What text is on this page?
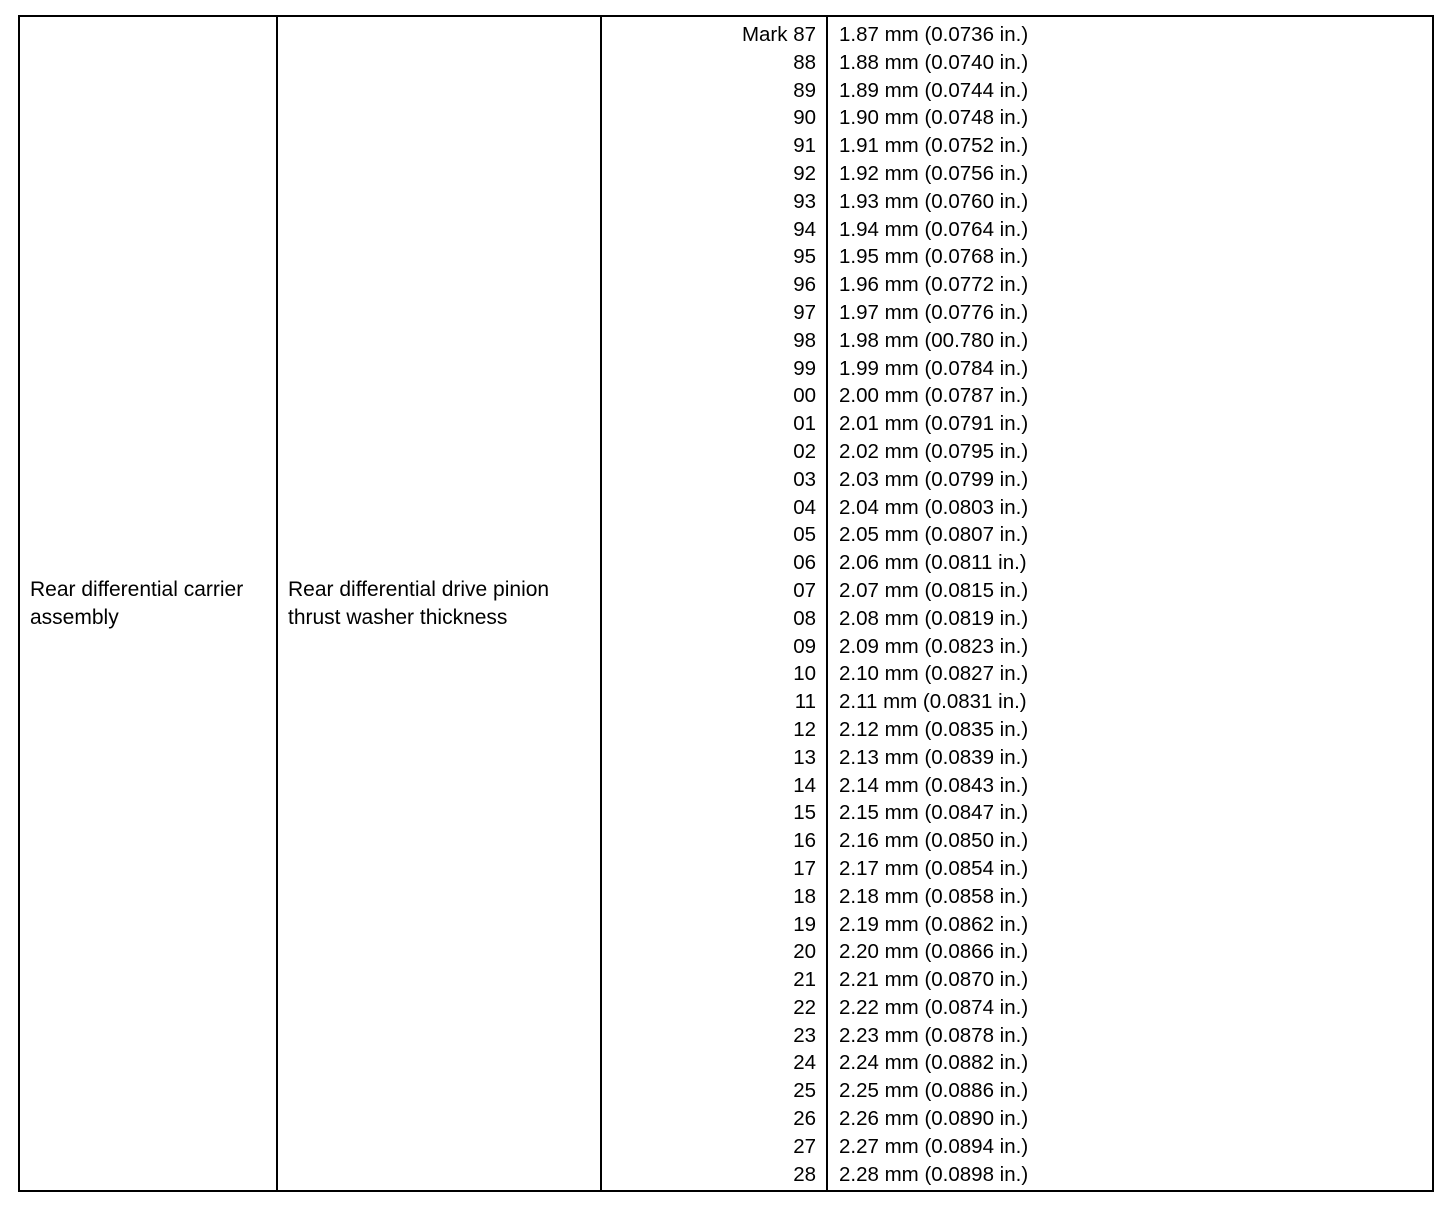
Rear differential carrier assembly
Rear differential drive pinion thrust washer thickness
Mark 87
88
89
90
91
92
93
94
95
96
97
98
99
00
01
02
03
04
05
06
07
08
09
10
11
12
13
14
15
16
17
18
19
20
21
22
23
24
25
26
27
28
1.87 mm (0.0736 in.)
1.88 mm (0.0740 in.)
1.89 mm (0.0744 in.)
1.90 mm (0.0748 in.)
1.91 mm (0.0752 in.)
1.92 mm (0.0756 in.)
1.93 mm (0.0760 in.)
1.94 mm (0.0764 in.)
1.95 mm (0.0768 in.)
1.96 mm (0.0772 in.)
1.97 mm (0.0776 in.)
1.98 mm (00.780 in.)
1.99 mm (0.0784 in.)
2.00 mm (0.0787 in.)
2.01 mm (0.0791 in.)
2.02 mm (0.0795 in.)
2.03 mm (0.0799 in.)
2.04 mm (0.0803 in.)
2.05 mm (0.0807 in.)
2.06 mm (0.0811 in.)
2.07 mm (0.0815 in.)
2.08 mm (0.0819 in.)
2.09 mm (0.0823 in.)
2.10 mm (0.0827 in.)
2.11 mm (0.0831 in.)
2.12 mm (0.0835 in.)
2.13 mm (0.0839 in.)
2.14 mm (0.0843 in.)
2.15 mm (0.0847 in.)
2.16 mm (0.0850 in.)
2.17 mm (0.0854 in.)
2.18 mm (0.0858 in.)
2.19 mm (0.0862 in.)
2.20 mm (0.0866 in.)
2.21 mm (0.0870 in.)
2.22 mm (0.0874 in.)
2.23 mm (0.0878 in.)
2.24 mm (0.0882 in.)
2.25 mm (0.0886 in.)
2.26 mm (0.0890 in.)
2.27 mm (0.0894 in.)
2.28 mm (0.0898 in.)
